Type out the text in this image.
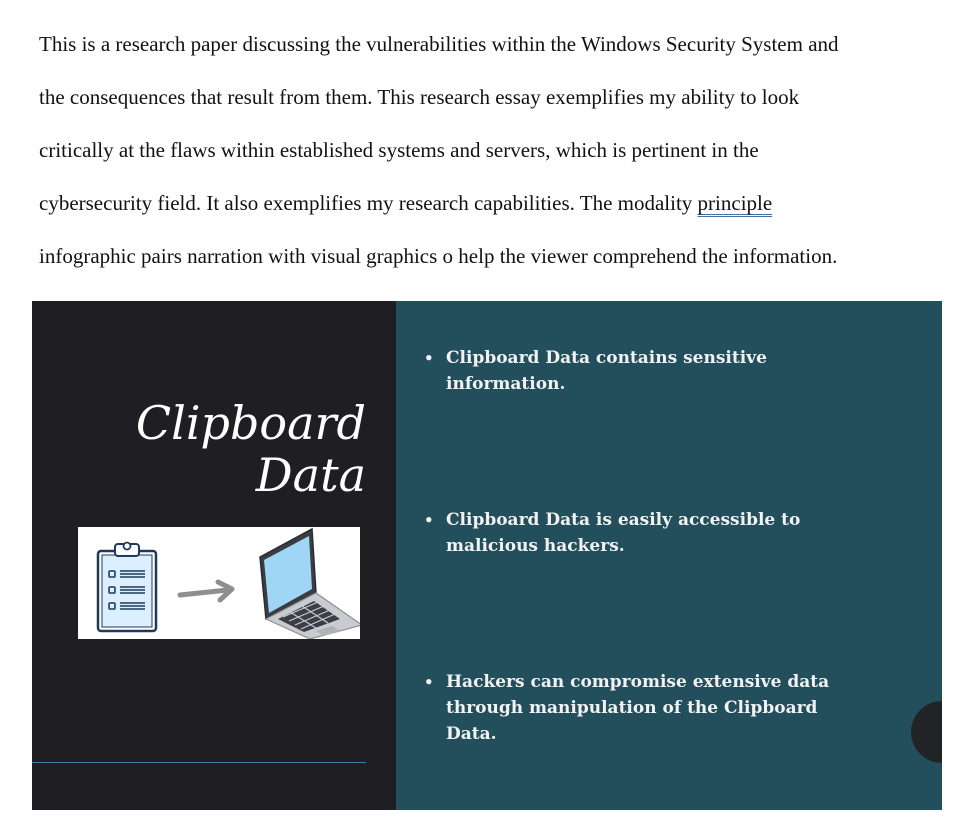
This is a research paper discussing the vulnerabilities within the Windows Security System and
the consequences that result from them. This research essay exemplifies my ability to look
critically at the flaws within established systems and servers, which is pertinent in the
cybersecurity field. It also exemplifies my research capabilities. The modality principle
infographic pairs narration with visual graphics o help the viewer comprehend the information.
Clipboard
Data
• Clipboard Data contains sensitive information.
• Clipboard Data is easily accessible to malicious hackers.
• Hackers can compromise extensive data through manipulation of the Clipboard Data.
